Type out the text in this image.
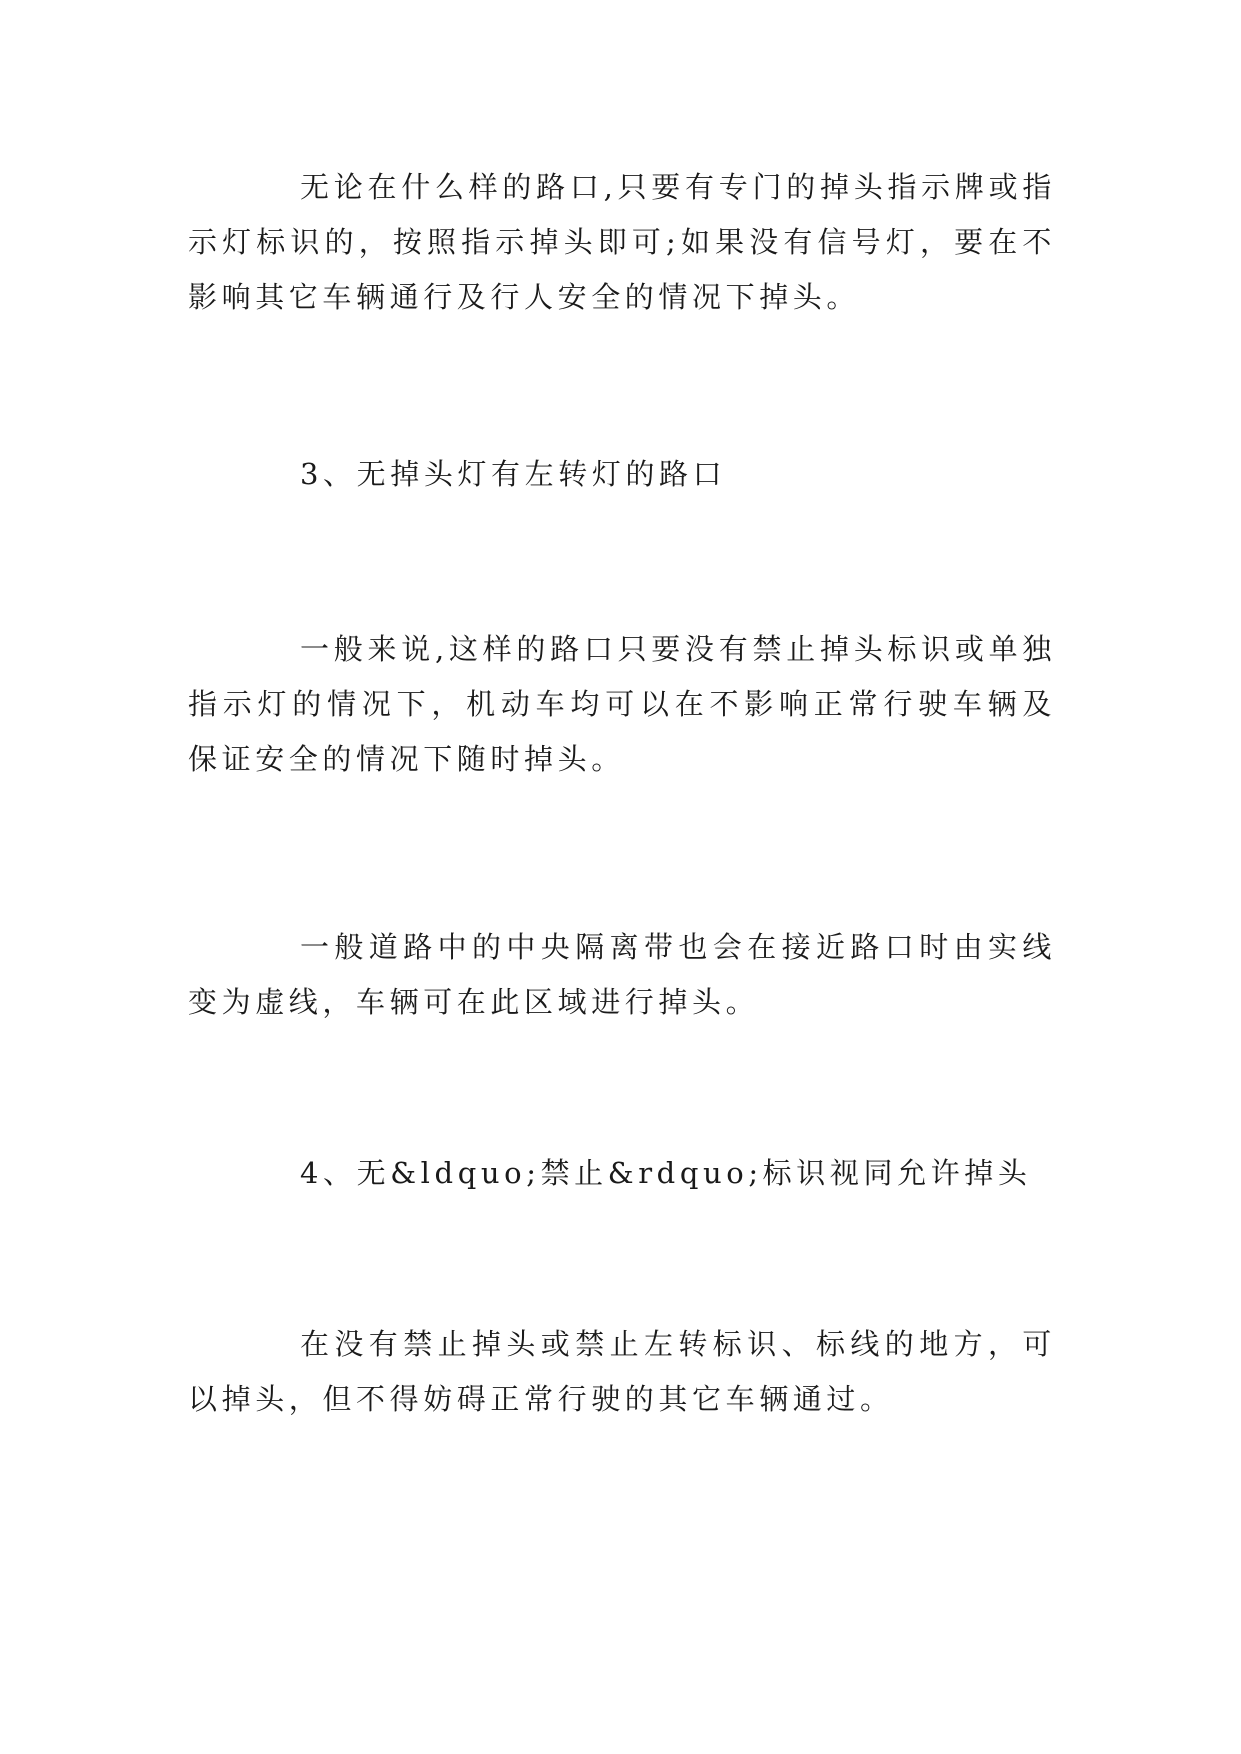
无论在什么样的路口,只要有专门的掉头指示牌或指示灯标识的，按照指示掉头即可;如果没有信号灯，要在不影响其它车辆通行及行人安全的情况下掉头。

3、无掉头灯有左转灯的路口

一般来说,这样的路口只要没有禁止掉头标识或单独指示灯的情况下，机动车均可以在不影响正常行驶车辆及保证安全的情况下随时掉头。

一般道路中的中央隔离带也会在接近路口时由实线变为虚线，车辆可在此区域进行掉头。

4、无&ldquo;禁止&rdquo;标识视同允许掉头

在没有禁止掉头或禁止左转标识、标线的地方，可以掉头，但不得妨碍正常行驶的其它车辆通过。
